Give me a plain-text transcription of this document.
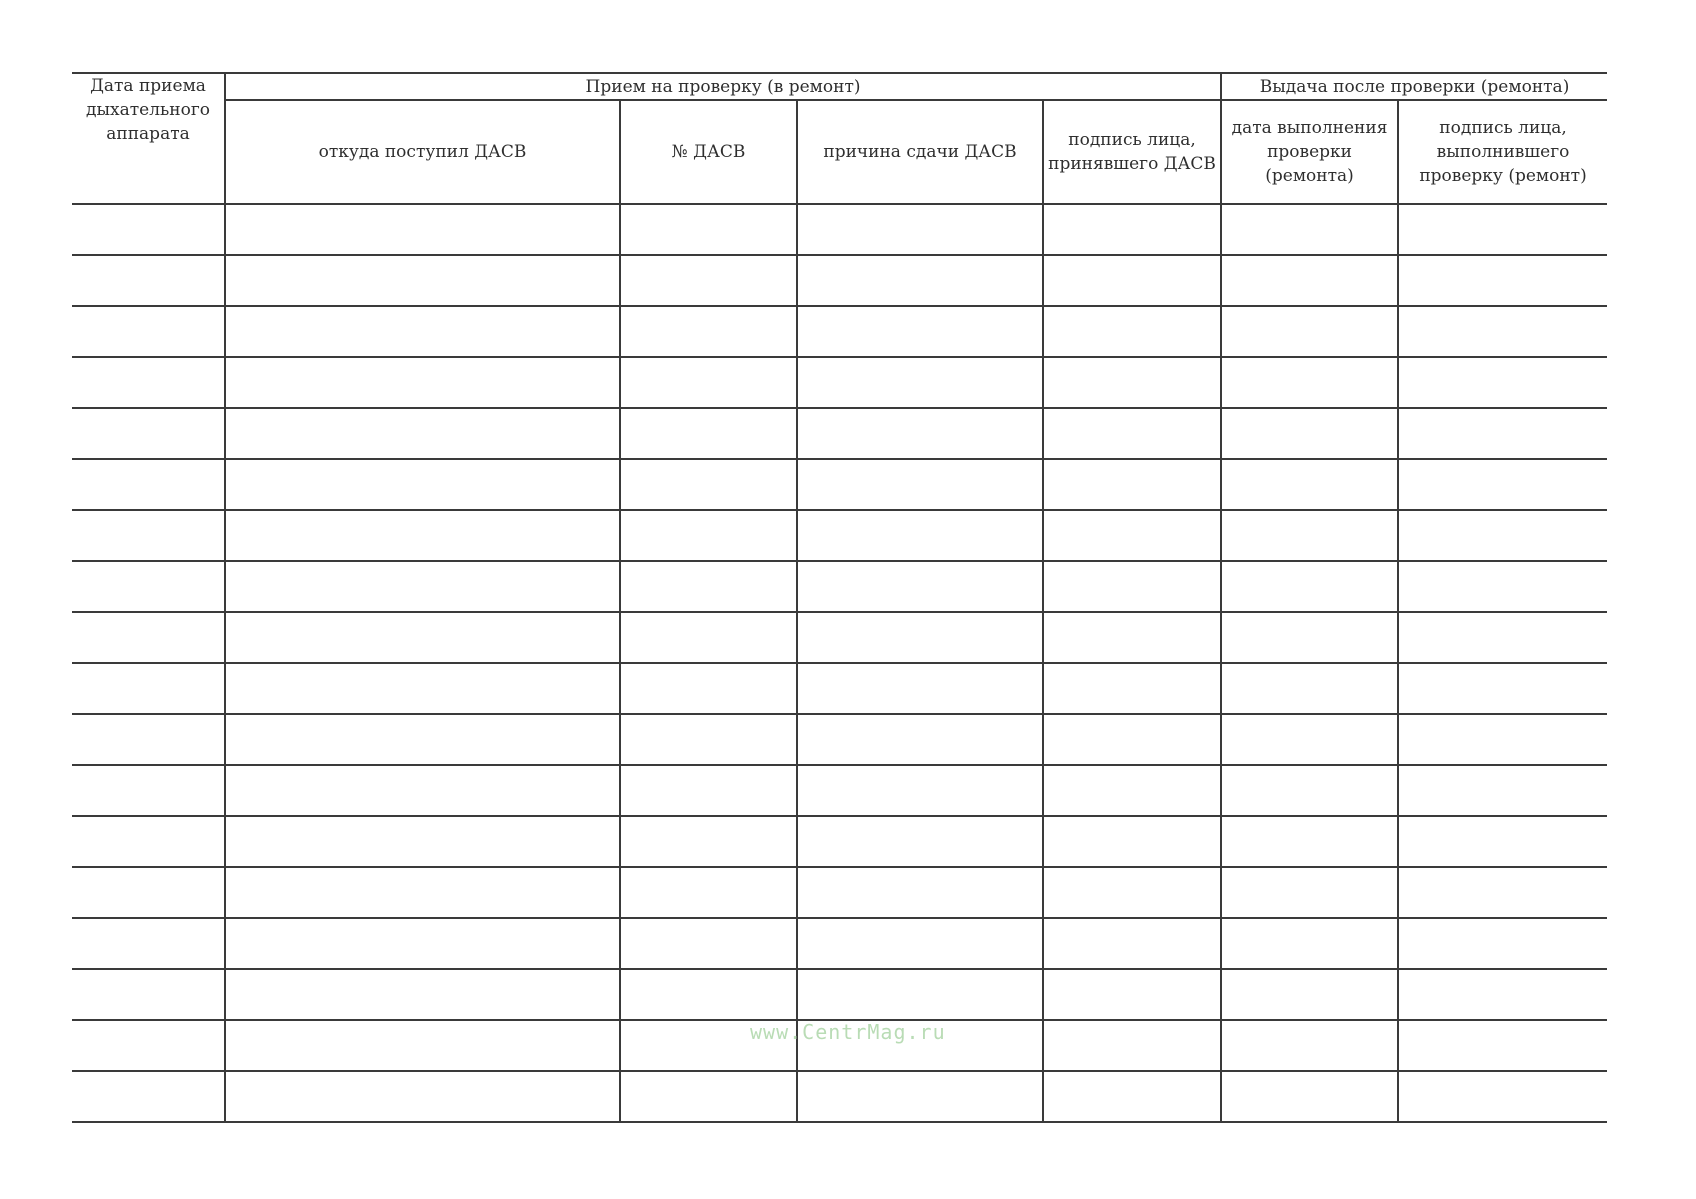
Дата приема дыхательного аппарата	Прием на проверку (в ремонт)				Выдача после проверки (ремонта)	
	откуда поступил ДАСВ	№ ДАСВ	причина сдачи ДАСВ	подпись лица, принявшего ДАСВ	дата выполнения проверки (ремонта)	подпись лица, выполнившего проверку (ремонт)

www.CentrMag.ru
